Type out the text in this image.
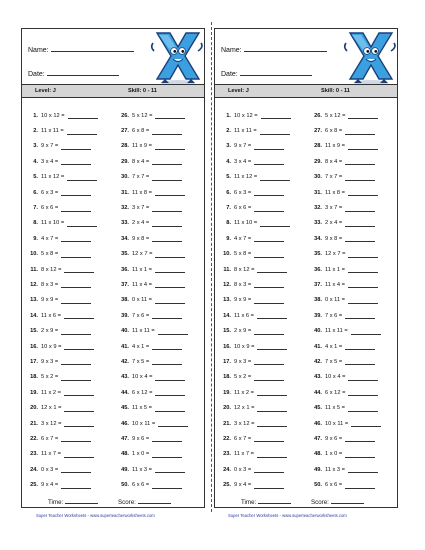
Name:
Date:
Level: J	Skill: 0 - 11
1. 10 x 12 =
2. 11 x 11 =
3. 9 x 7 =
4. 3 x 4 =
5. 11 x 12 =
6. 6 x 3 =
7. 6 x 6 =
8. 11 x 10 =
9. 4 x 7 =
10. 5 x 8 =
11. 8 x 12 =
12. 8 x 3 =
13. 9 x 9 =
14. 11 x 6 =
15. 2 x 9 =
16. 10 x 9 =
17. 9 x 3 =
18. 5 x 2 =
19. 11 x 2 =
20. 12 x 1 =
21. 3 x 12 =
22. 6 x 7 =
23. 11 x 7 =
24. 0 x 3 =
25. 9 x 4 =
26. 5 x 12 =
27. 6 x 8 =
28. 11 x 9 =
29. 8 x 4 =
30. 7 x 7 =
31. 11 x 8 =
32. 3 x 7 =
33. 2 x 4 =
34. 9 x 8 =
35. 12 x 7 =
36. 11 x 1 =
37. 11 x 4 =
38. 0 x 11 =
39. 7 x 6 =
40. 11 x 11 =
41. 4 x 1 =
42. 7 x 5 =
43. 10 x 4 =
44. 6 x 12 =
45. 11 x 5 =
46. 10 x 11 =
47. 9 x 6 =
48. 1 x 0 =
49. 11 x 3 =
50. 6 x 6 =
Time:	Score:
Name:
Date:
Level: J	Skill: 0 - 11
1. 10 x 12 =
2. 11 x 11 =
3. 9 x 7 =
4. 3 x 4 =
5. 11 x 12 =
6. 6 x 3 =
7. 6 x 6 =
8. 11 x 10 =
9. 4 x 7 =
10. 5 x 8 =
11. 8 x 12 =
12. 8 x 3 =
13. 9 x 9 =
14. 11 x 6 =
15. 2 x 9 =
16. 10 x 9 =
17. 9 x 3 =
18. 5 x 2 =
19. 11 x 2 =
20. 12 x 1 =
21. 3 x 12 =
22. 6 x 7 =
23. 11 x 7 =
24. 0 x 3 =
25. 9 x 4 =
26. 5 x 12 =
27. 6 x 8 =
28. 11 x 9 =
29. 8 x 4 =
30. 7 x 7 =
31. 11 x 8 =
32. 3 x 7 =
33. 2 x 4 =
34. 9 x 8 =
35. 12 x 7 =
36. 11 x 1 =
37. 11 x 4 =
38. 0 x 11 =
39. 7 x 6 =
40. 11 x 11 =
41. 4 x 1 =
42. 7 x 5 =
43. 10 x 4 =
44. 6 x 12 =
45. 11 x 5 =
46. 10 x 11 =
47. 9 x 6 =
48. 1 x 0 =
49. 11 x 3 =
50. 6 x 6 =
Time:	Score:
Super Teacher Worksheets - www.superteacherworksheets.com	Super Teacher Worksheets - www.superteacherworksheets.com
